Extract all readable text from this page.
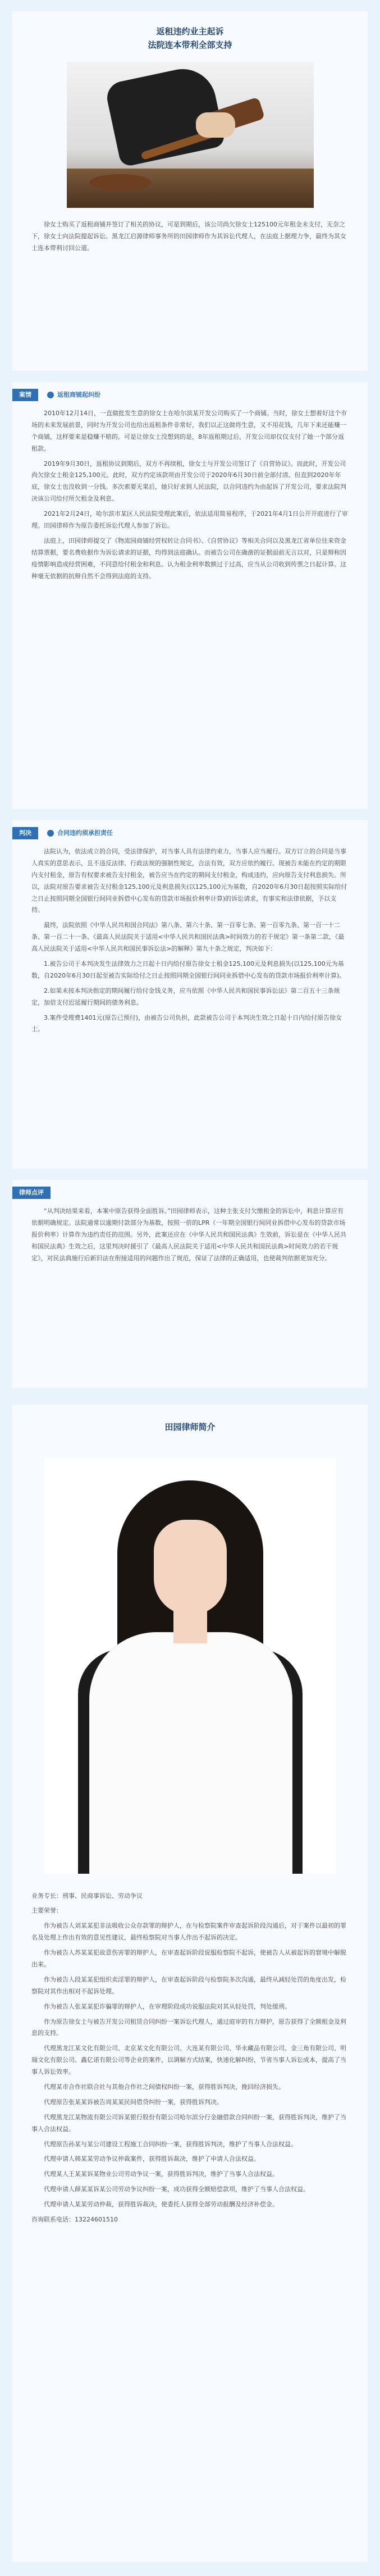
返租违约业主起诉
法院连本带利全部支持
徐女士购买了返租商铺并签订了相关的协议，可是到期后，该公司尚欠徐女士125100元年租金未支付，无奈之下，徐女士向法院提起诉讼。黑龙江启源律师事务所的田园律师作为其诉讼代理人，在法庭上据理力争，最终为其女士连本带利讨回公道。
案情	返租商铺起纠纷

2010年12月14日，一直做批发生意的徐女士在哈尔滨某开发公司购买了一个商铺。当时，徐女士想着好这个市场的未来发展前景，同时为开发公司也给出返租条件非常好，我们以正这做将生意，又不用花钱，几年下来还能赚一个商铺，这样要来是稳赚不赔的。可是让徐女士没想到的是，8年返租期过后，开发公司却仅仅支付了她一个部分返租款。

2019年9月30日，返租协议到期后，双方不再续租，徐女士与开发公司签订了《自营协议》。而此时，开发公司尚欠徐女士租金125,100元。此时，双方约定该款项由开发公司于2020年6月30日前全部付清。但直到2020年年底，徐女士也没收到一分钱。多次索要无果后，她只好求到人民法院，以合同违约为由起诉了开发公司，要求法院判决该公司给付所欠租金及利息。

2021年2月24日，哈尔滨市某区人民法院受理此案后，依法适用简易程序，于2021年4月1日公开开庭进行了审理。田园律师作为原告委托诉讼代理人参加了诉讼。

法庭上，田园律师提交了《物流园商铺经营权转让合同书》、《自营协议》等相关合同以及黑龙江省单位往来资金结算票据，要名费收据作为诉讼请求的证据，均得到法庭确认。而被告公司在确凿的证据面前无言以对，只是辩称因疫情影响造成经营困难，不同意给付租金和利息。认为租金利率数额过于过高，应当从公司收到传票之日起计算。这种毫无依据的抗辩自然不会得到法庭的支持。

判决	合同违约须承担责任

法院认为，依法成立的合同，受法律保护，对当事人具有法律约束力，当事人应当履行。双方订立的合同是当事人真实的意思表示，且不违反法律、行政法规的强制性规定，合法有效，双方应依约履行。现被告未能在约定的期限内支付租金，原告有权要求被告支付租金，被告应当在约定的期间支付租金，构成违约，应向原告支付利息损失。所以，法院对原告要求被告支付租金125,100元及利息损失(以125,100元为基数，自2020年6月30日起按照实际给付之日止按照同期全国银行间同业拆借中心发布的贷款市场报价利率计算)的诉讼请求，有事实和法律依据，予以支持。

最终，法院依照《中华人民共和国合同法》第八条、第六十条、第一百零七条、第一百零九条、第一百一十二条、第一百二十一条、《最高人民法院关于适用<中华人民共和国民法典>时间效力的若干规定》第一条第二款，《最高人民法院关于适用<中华人民共和国民事诉讼法>的解释》第九十条之规定，判决如下：

1.被告公司于本判决发生法律效力之日起十日内给付原告徐女士租金125,100元及利息损失(以125,100元为基数，自2020年6月30日起至被告实际给付之日止按照同期全国银行间同业拆借中心发布的贷款市场报价利率计算)。

2.如果未按本判决指定的期间履行给付金钱义务，应当依照《中华人民共和国民事诉讼法》第二百五十三条规定，加倍支付迟延履行期间的债务利息。

3.案件受理费1401元(原告已预付)，由被告公司负担，此款被告公司于本判决生效之日起十日内给付原告徐女士。

律师点评

“从判决结果来看，本案中原告获得全面胜诉。”田园律师表示，这种主张支付欠缴租金的诉讼中，利息计算应有依据明确规定。法院通常以逾期付款部分为基数，按照一倍的LPR（一年期全国银行间同业拆借中心发布的贷款市场报价利率）计算作为违约责任的范围。另外，此案还应在《中华人民共和国民法典》生效前，诉讼是在《中华人民共和国民法典》生效之后，这里判决时援引了《最高人民法院关于适用<中华人民共和国民法典>时间效力的若干规定》，对民法典施行后新旧法在衔接适用的问题作出了规范，保证了法律的正确适用，也使裁判依据更加充分。

田园律师简介

业务专长：刑事、民商事诉讼、劳动争议

主要荣誉：

作为被告人刘某某犯非法吸收公众存款罪的辩护人，在与检察院案件审查起诉阶段沟通后，对于案件以最初的罪名及处理上作出有效的意见性建议，最终检察院对当事人作出不起诉的决定。

作为被告人苏某某犯故意伤害罪的辩护人，在审查起诉阶段说服检察院不起诉，使被告人从被起诉的窘境中解脱出来。

作为被告人段某某犯组织卖淫罪的辩护人，在审查起诉阶段与检察院多次沟通，最终从减轻处罚的角度出发，检察院对其作出相对不起诉处理。

作为被告人张某某犯诈骗罪的辩护人，在审理阶段成功说服法院对其从轻处罚，判处缓刑。

作为原告徐女士与被告开发公司租赁合同纠纷一案诉讼代理人，通过庭审的有力辩护，原告获得了全额租金及利息的支持。

代理黑龙江某文化有限公司、北京某文化有限公司、大连某有限公司、华永藏品有限公司、金三角有限公司、明瑞文化有限公司、鑫亿诺有限公司等企业的案件，以调解方式结案，快速化解纠纷，节省当事人诉讼成本，提高了当事人诉讼效率。

代理某市合作社联合社与其他合作社之间债权纠纷一案，获得胜诉判决，挽回经济损失。

代理原告张某某诉被告周某某民间借贷纠纷一案，获得胜诉判决。

代理黑龙江某物流有限公司诉某银行股份有限公司哈尔滨分行金融借款合同纠纷一案，获得胜诉判决，维护了当事人合法权益。

代理原告孙某与某公司建设工程施工合同纠纷一案，获得胜诉判决，维护了当事人合法权益。

代理申请人韩某某劳动争议仲裁案件，获得胜诉裁决，维护了申请人合法权益。

代理某人王某某诉某物业公司劳动争议一案，获得胜诉判决，维护了当事人合法权益。

代理申请人薛某某诉某公司劳动争议纠纷一案，成功获得全额赔偿款项，维护了当事人合法权益。

代理申请人某某劳动仲裁，获得胜诉裁决，使委托人获得全部劳动报酬及经济补偿金。

咨询联系电话：13224601510
